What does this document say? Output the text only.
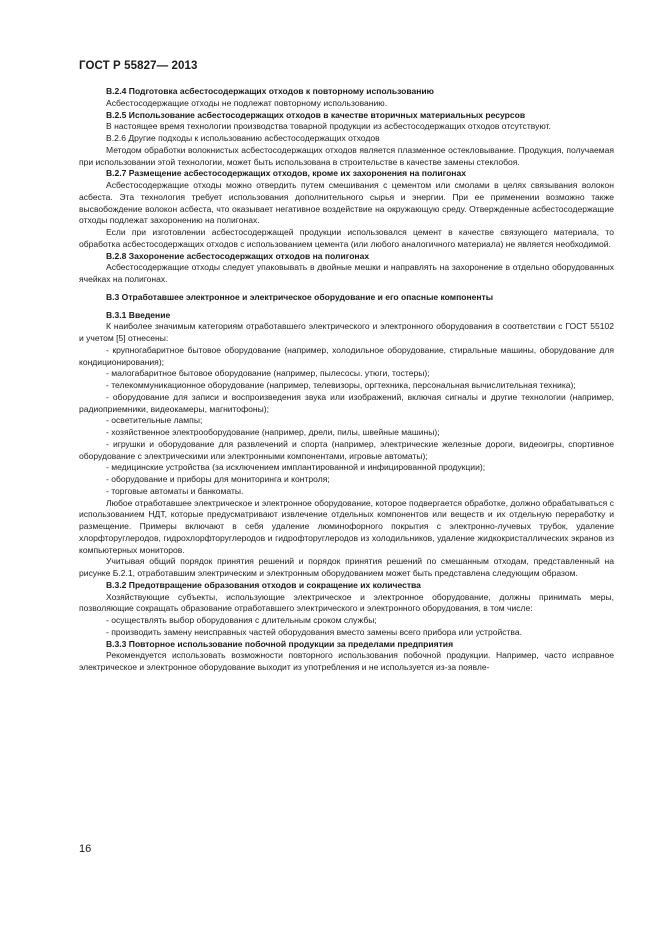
ГОСТ Р 55827— 2013

В.2.4 Подготовка асбестосодержащих отходов к повторному использованию

Асбестосодержащие отходы не подлежат повторному использованию.

В.2.5 Использование асбестосодержащих отходов в качестве вторичных материальных ресурсов

В настоящее время технологии производства товарной продукции из асбестосодержащих отходов отсутствуют.

В.2.6 Другие подходы к использованию асбестосодержащих отходов

Методом обработки волокнистых асбестосодержащих отходов является плазменное остекловывание. Продукция, получаемая при использовании этой технологии, может быть использована в строительстве в качестве замены стеклобоя.

В.2.7 Размещение асбестосодержащих отходов, кроме их захоронения на полигонах

Асбестосодержащие отходы можно отвердить путем смешивания с цементом или смолами в целях связывания волокон асбеста. Эта технология требует использования дополнительного сырья и энергии. При ее применении возможно также высвобождение волокон асбеста, что оказывает негативное воздействие на окружающую среду. Отвержденные асбестосодержащие отходы подлежат захоронению на полигонах.

Если при изготовлении асбестосодержащей продукции использовался цемент в качестве связующего материала, то обработка асбестосодержащих отходов с использованием цемента (или любого аналогичного материала) не является необходимой.

В.2.8 Захоронение асбестосодержащих отходов на полигонах

Асбестосодержащие отходы следует упаковывать в двойные мешки и направлять на захоронение в отдельно оборудованных ячейках на полигонах.

В.3 Отработавшее электронное и электрическое оборудование и его опасные компоненты

В.3.1 Введение

К наиболее значимым категориям отработавшего электрического и электронного оборудования в соответствии с ГОСТ 55102 и учетом [5] отнесены:

- крупногабаритное бытовое оборудование (например, холодильное оборудование, стиральные машины, оборудование для кондиционирования);

- малогабаритное бытовое оборудование (например, пылесосы. утюги, тостеры);

- телекоммуникационное оборудование (например, телевизоры, оргтехника, персональная вычислительная техника);

- оборудование для записи и воспроизведения звука или изображений, включая сигналы и другие технологии (например, радиоприемники, видеокамеры, магнитофоны);

- осветительные лампы;

- хозяйственное электрооборудование (например, дрели, пилы, швейные машины);

- игрушки и оборудование для развлечений и спорта (например, электрические железные дороги, видеоигры, спортивное оборудование с электрическими или электронными компонентами, игровые автоматы);

- медицинские устройства (за исключением имплантированной и инфицированной продукции);

- оборудование и приборы для мониторинга и контроля;

- торговые автоматы и банкоматы.

Любое отработавшее электрическое и электронное оборудование, которое подвергается обработке, должно обрабатываться с использованием НДТ, которые предусматривают извлечение отдельных компонентов или веществ и их отдельную переработку и размещение. Примеры включают в себя удаление люминофорного покрытия с электронно-лучевых трубок, удаление хлорфторуглеродов, гидрохлорфторуглеродов и гидрофторуглеродов из холодильников, удаление жидкокристаллических экранов из компьютерных мониторов.

Учитывая общий порядок принятия решений и порядок принятия решений по смешанным отходам, представленный на рисунке Б.2.1, отработавшим электрическим и электронным оборудованием может быть представлена следующим образом.

В.3.2 Предотвращение образования отходов и сокращение их количества

Хозяйствующие субъекты, использующие электрическое и электронное оборудование, должны принимать меры, позволяющие сокращать образование отработавшего электрического и электронного оборудования, в том числе:

- осуществлять выбор оборудования с длительным сроком службы;

- производить замену неисправных частей оборудования вместо замены всего прибора или устройства.

В.3.3 Повторное использование побочной продукции за пределами предприятия

Рекомендуется использовать возможности повторного использования побочной продукции. Например, часто исправное электрическое и электронное оборудование выходит из употребления и не используется из-за появле-

16
